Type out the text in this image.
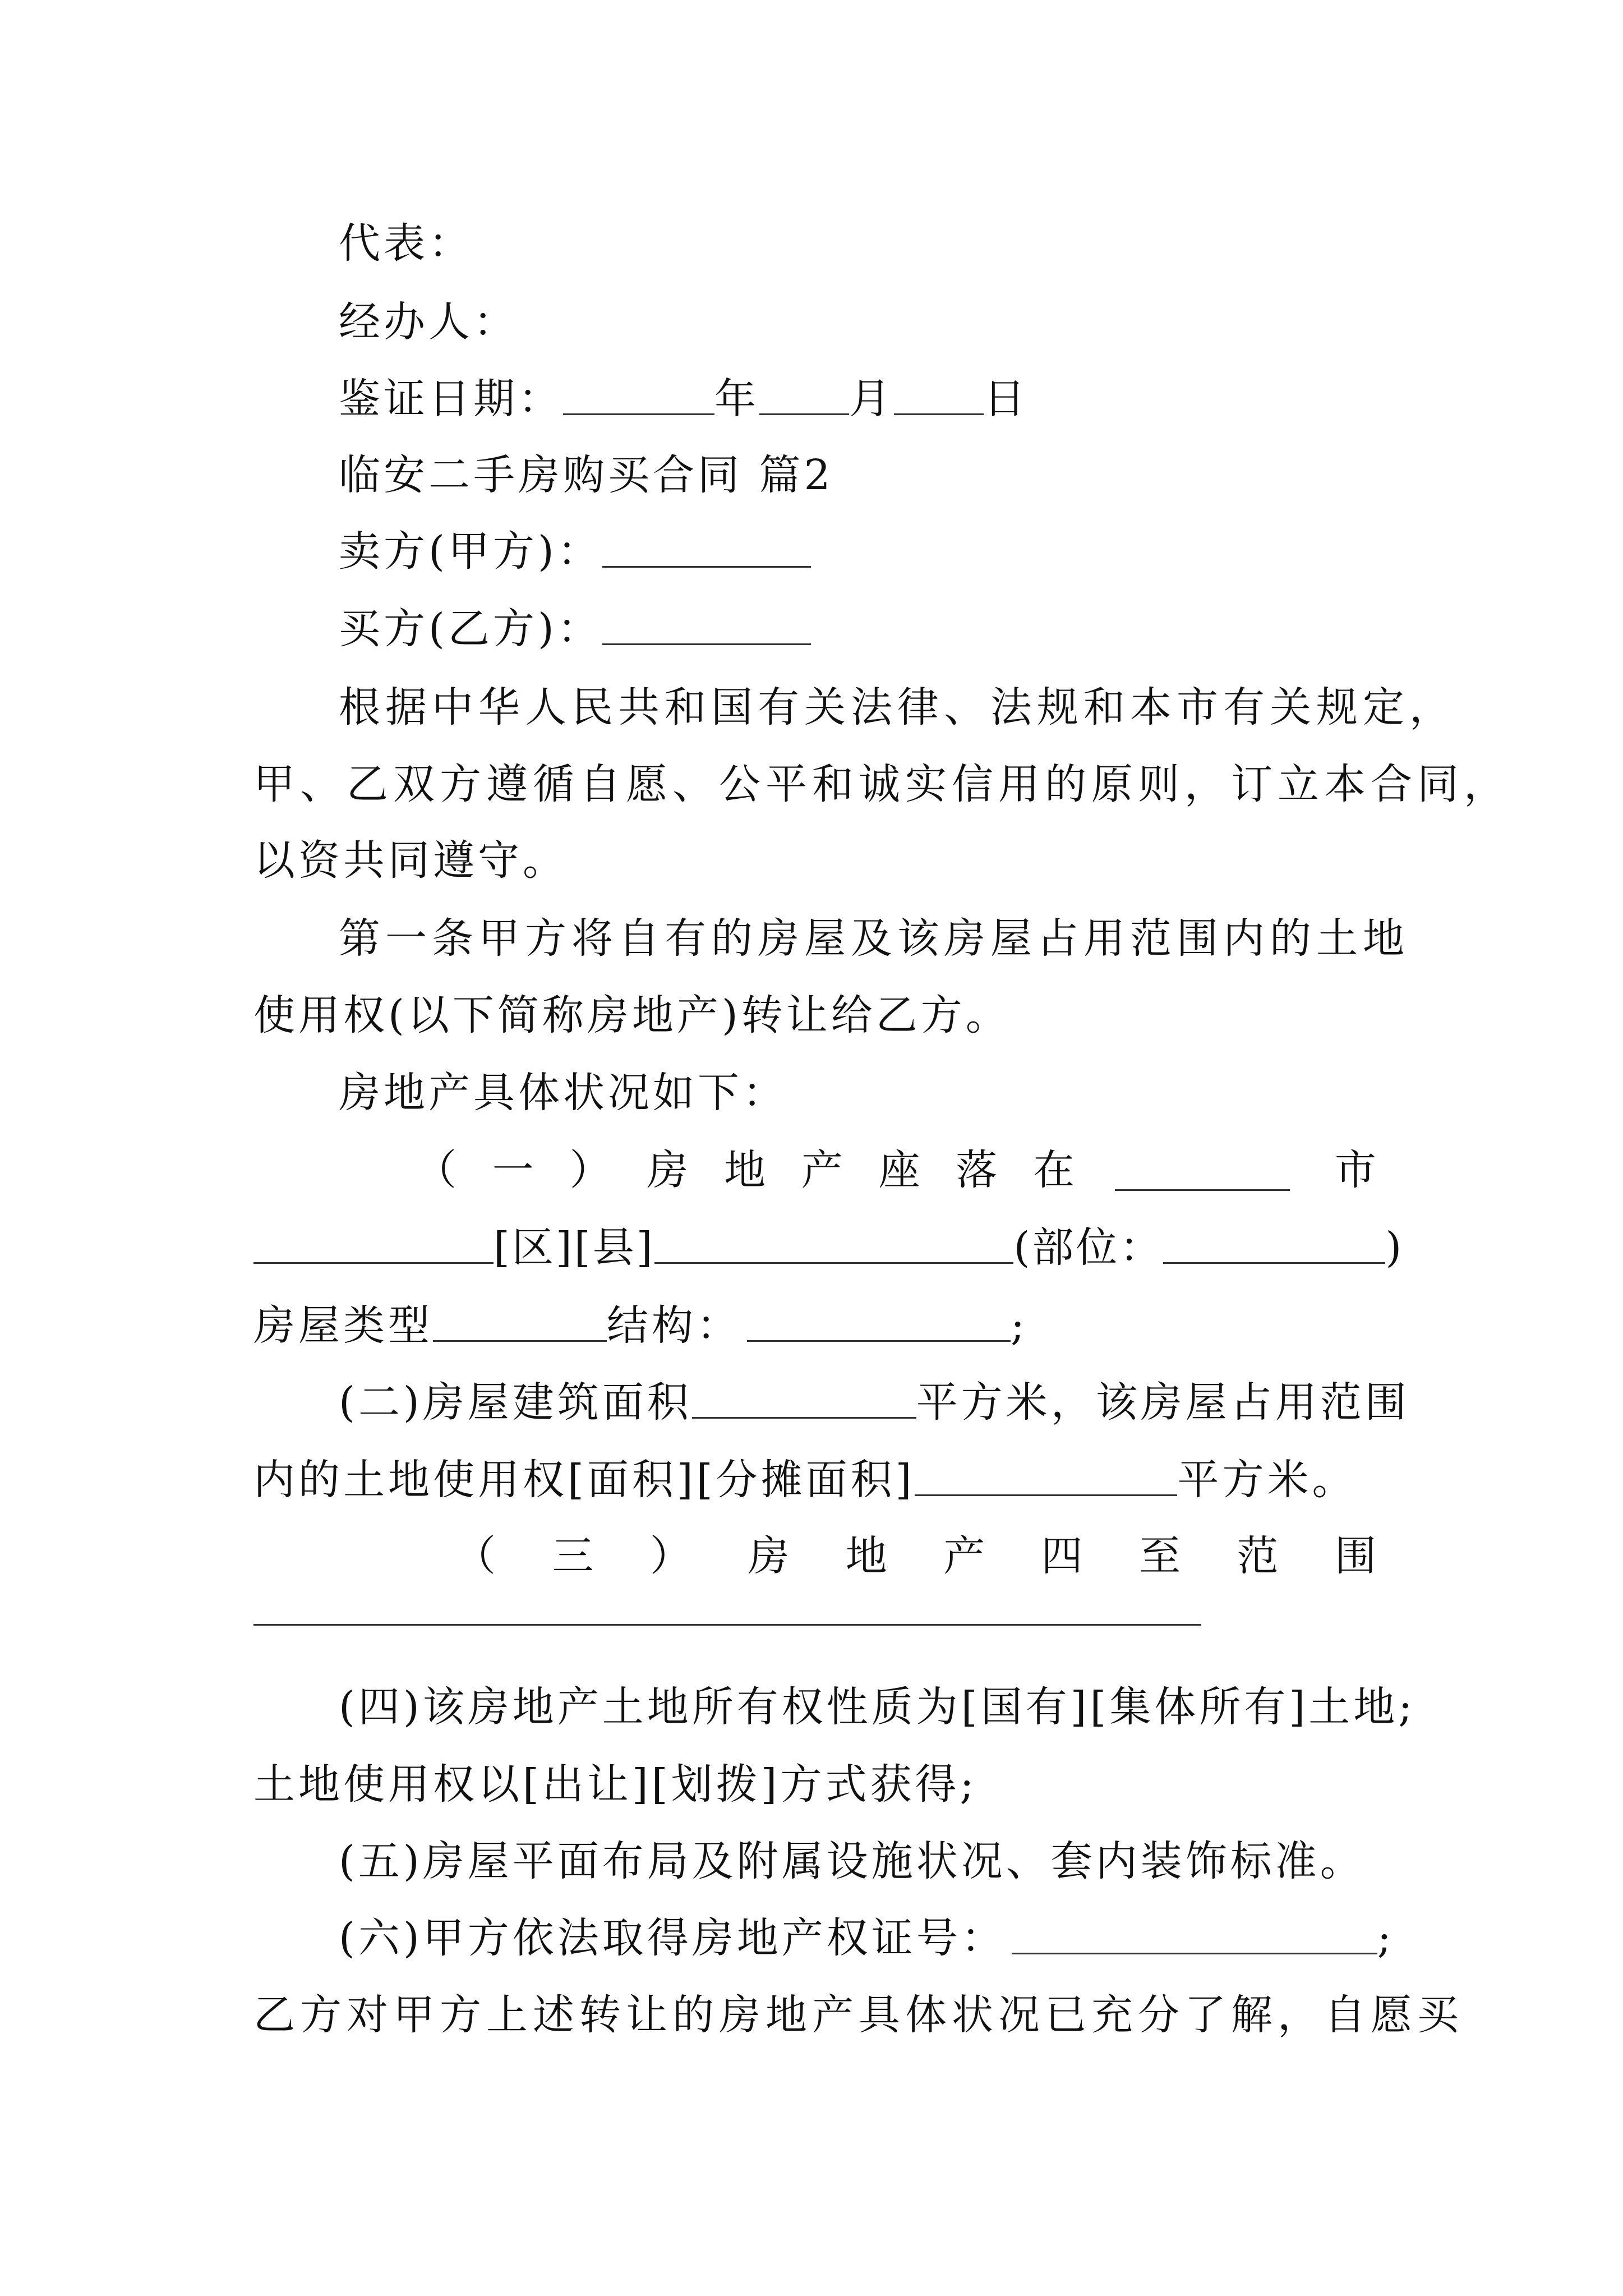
代表：
经办人：
鉴证日期：	年 月 日
临安二手房购买合同 篇2
卖方(甲方)：
买方(乙方)：
根据中华人民共和国有关法律、法规和本市有关规定，
甲、乙双方遵循自愿、公平和诚实信用的原则，订立本合同，
以资共同遵守。
第一条甲方将自有的房屋及该房屋占用范围内的土地
使用权(以下简称房地产)转让给乙方。
房地产具体状况如下：
（ 一 ） 房 地 产 座 落 在	市
[区][县]	(部位：	)
房屋类型	结构：	;
(二)房屋建筑面积	平方米，该房屋占用范围
内的土地使用权[面积][分摊面积]	平方米。
（ 三 ） 房 地 产 四 至 范 围
(四)该房地产土地所有权性质为[国有][集体所有]土地;
土地使用权以[出让][划拨]方式获得;
(五)房屋平面布局及附属设施状况、套内装饰标准。
(六)甲方依法取得房地产权证号：	;
乙方对甲方上述转让的房地产具体状况已充分了解，自愿买
